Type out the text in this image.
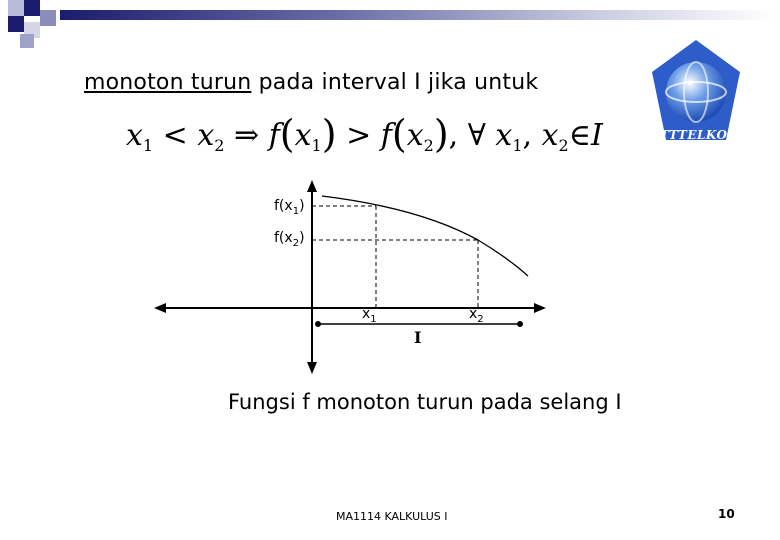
monoton turun pada interval I jika untuk
$x_1 < x_2$ ⇒ $f(x_1) > f(x_2)$, ∀ $x_1$, $x_2\in I$	STTTELKOM
$f(x_1)$
$f(x_2)$
$x_1$	$x_2$
I
Fungsi f monoton turun pada selang I
MA1114 KALKULUS I	10
